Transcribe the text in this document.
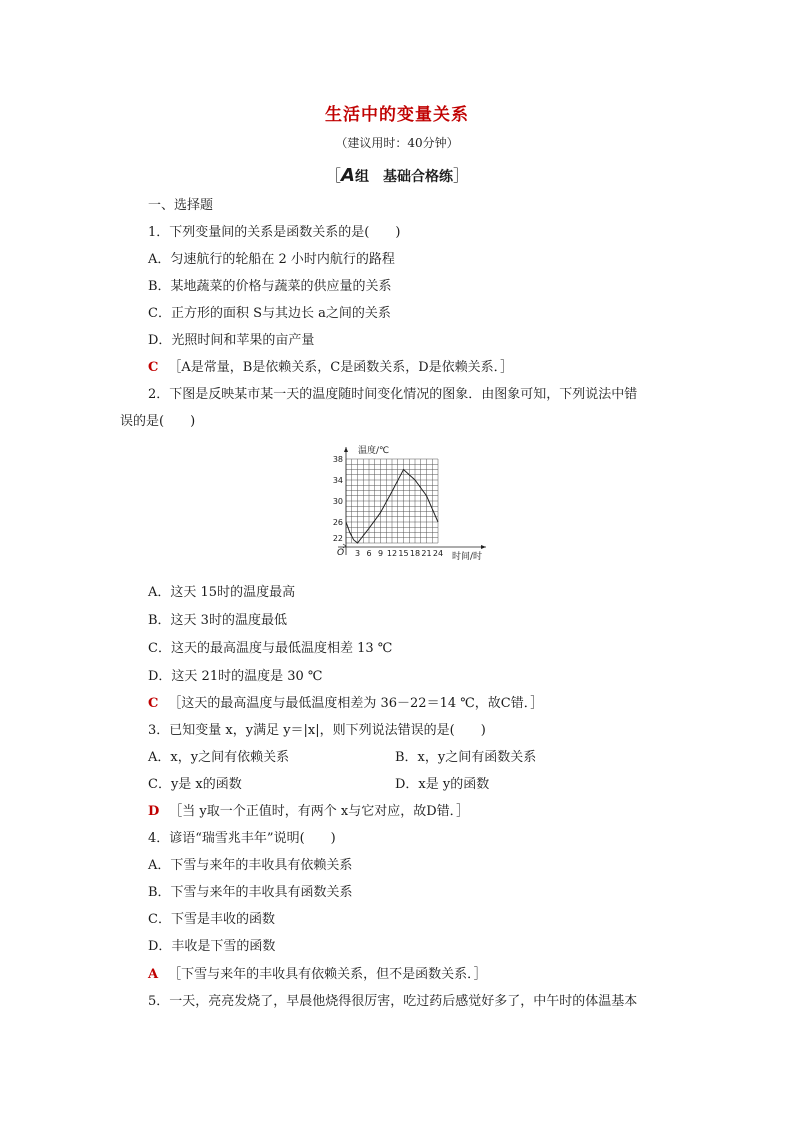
生活中的变量关系
（建议用时：40分钟）
［A组　基础合格练］
一、选择题
1．下列变量间的关系是函数关系的是(　　)
A．匀速航行的轮船在 2 小时内航行的路程
B．某地蔬菜的价格与蔬菜的供应量的关系
C．正方形的面积 S与其边长 a之间的关系
D．光照时间和苹果的亩产量
C ［A是常量，B是依赖关系，C是函数关系，D是依赖关系．］
2．下图是反映某市某一天的温度随时间变化情况的图象．由图象可知，下列说法中错
误的是(　　)
3 6 9 12 15 18 21 24
22
26
30
34
38
温度/℃
时间/时
O
A．这天 15时的温度最高
B．这天 3时的温度最低
C．这天的最高温度与最低温度相差 13 ℃
D．这天 21时的温度是 30 ℃
C ［这天的最高温度与最低温度相差为 36－22＝14 ℃，故C错．］
3．已知变量 x，y满足 y＝|x|，则下列说法错误的是(　　)
A．x，y之间有依赖关系	B．x，y之间有函数关系
C．y是 x的函数	D．x是 y的函数
D ［当 y取一个正值时，有两个 x与它对应，故D错．］
4．谚语“瑞雪兆丰年”说明(　　)
A．下雪与来年的丰收具有依赖关系
B．下雪与来年的丰收具有函数关系
C．下雪是丰收的函数
D．丰收是下雪的函数
A ［下雪与来年的丰收具有依赖关系，但不是函数关系．］
5．一天，亮亮发烧了，早晨他烧得很厉害，吃过药后感觉好多了，中午时的体温基本
